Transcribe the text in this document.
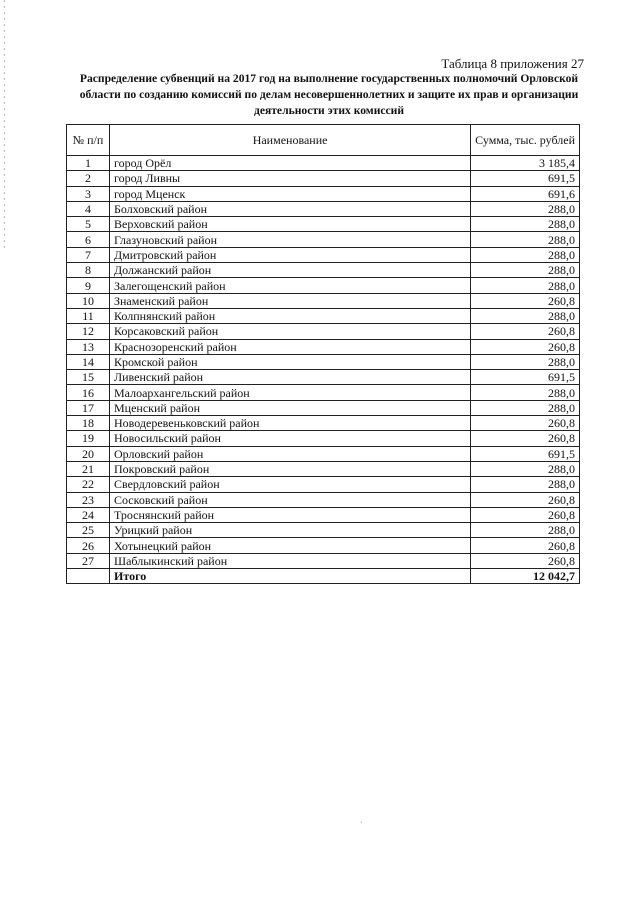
Таблица 8 приложения 27
Распределение субвенций на 2017 год на выполнение государственных полномочий Орловской области по созданию комиссий по делам несовершеннолетних и защите их прав и организации деятельности этих комиссий
№ п/п	Наименование	Сумма, тыс. рублей
1	город Орёл	3 185,4
2	город Ливны	691,5
3	город Мценск	691,6
4	Болховский район	288,0
5	Верховский район	288,0
6	Глазуновский район	288,0
7	Дмитровский район	288,0
8	Должанский район	288,0
9	Залегощенский район	288,0
10	Знаменский район	260,8
11	Колпнянский район	288,0
12	Корсаковский район	260,8
13	Краснозоренский район	260,8
14	Кромской район	288,0
15	Ливенский район	691,5
16	Малоархангельский район	288,0
17	Мценский район	288,0
18	Новодеревеньковский район	260,8
19	Новосильский район	260,8
20	Орловский район	691,5
21	Покровский район	288,0
22	Свердловский район	288,0
23	Сосковский район	260,8
24	Троснянский район	260,8
25	Урицкий район	288,0
26	Хотынецкий район	260,8
27	Шаблыкинский район	260,8
	Итого	12 042,7
·
